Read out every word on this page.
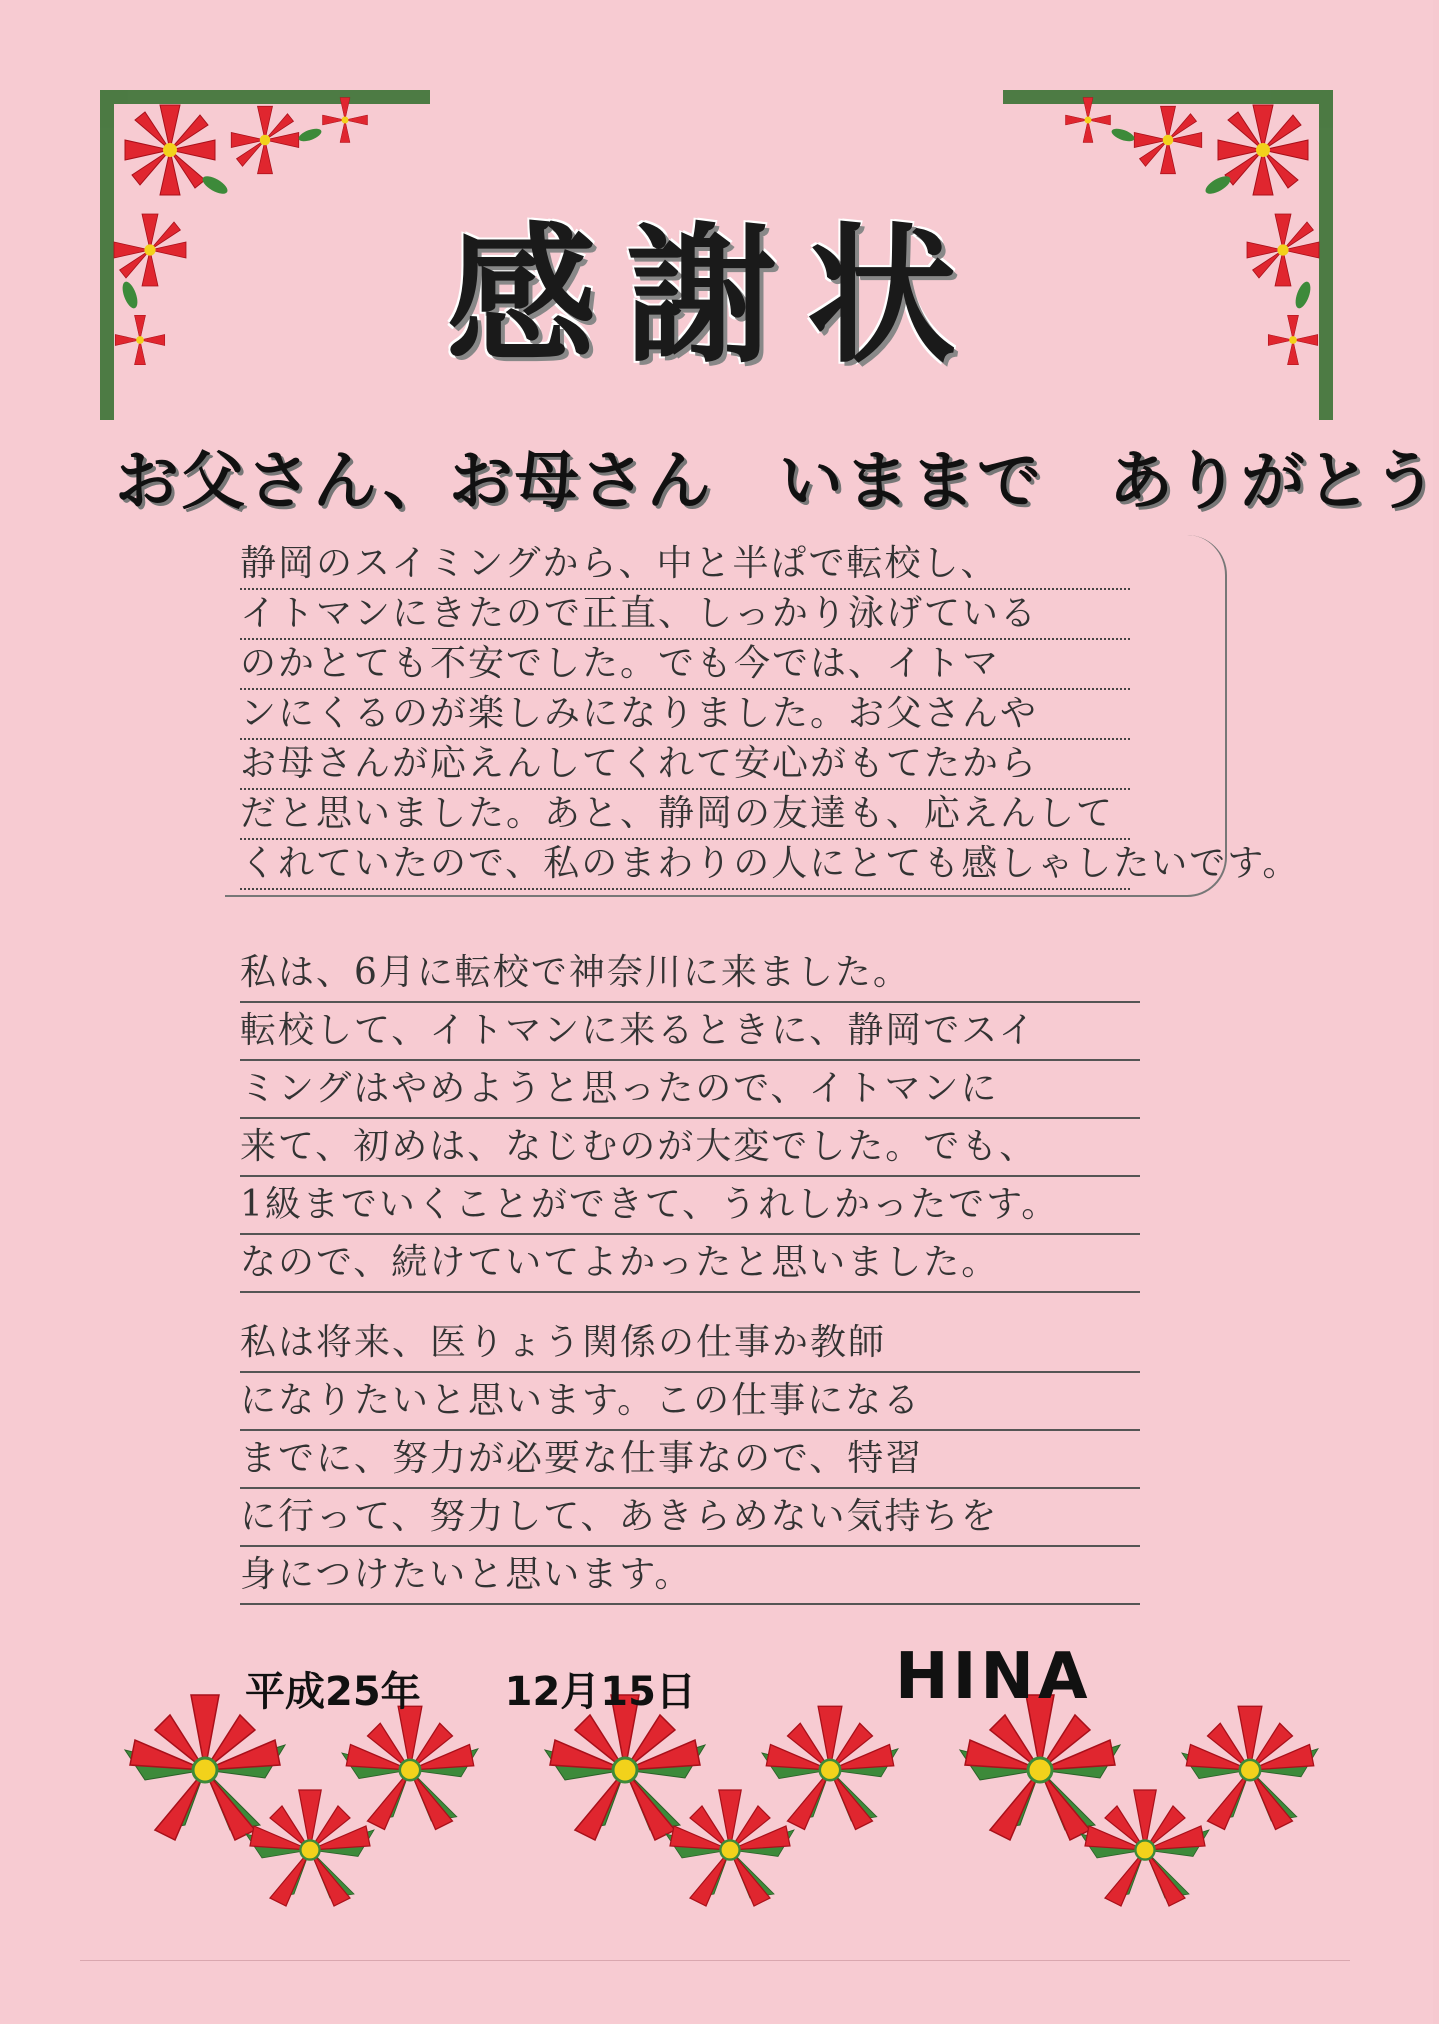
感謝状
お父さん、お母さん　いままで　ありがとう
静岡のスイミングから、中と半ぱで転校し、
イトマンにきたので正直、しっかり泳げている
のかとても不安でした。でも今では、イトマ
ンにくるのが楽しみになりました。お父さんや
お母さんが応えんしてくれて安心がもてたから
だと思いました。あと、静岡の友達も、応えんして
くれていたので、私のまわりの人にとても感しゃしたいです。
私は、6月に転校で神奈川に来ました。
転校して、イトマンに来るときに、静岡でスイ
ミングはやめようと思ったので、イトマンに
来て、初めは、なじむのが大変でした。でも、
1級までいくことができて、うれしかったです。
なので、続けていてよかったと思いました。
私は将来、医りょう関係の仕事か教師
になりたいと思います。この仕事になる
までに、努力が必要な仕事なので、特習
に行って、努力して、あきらめない気持ちを
身につけたいと思います。
平成25年 12月15日	HINA
